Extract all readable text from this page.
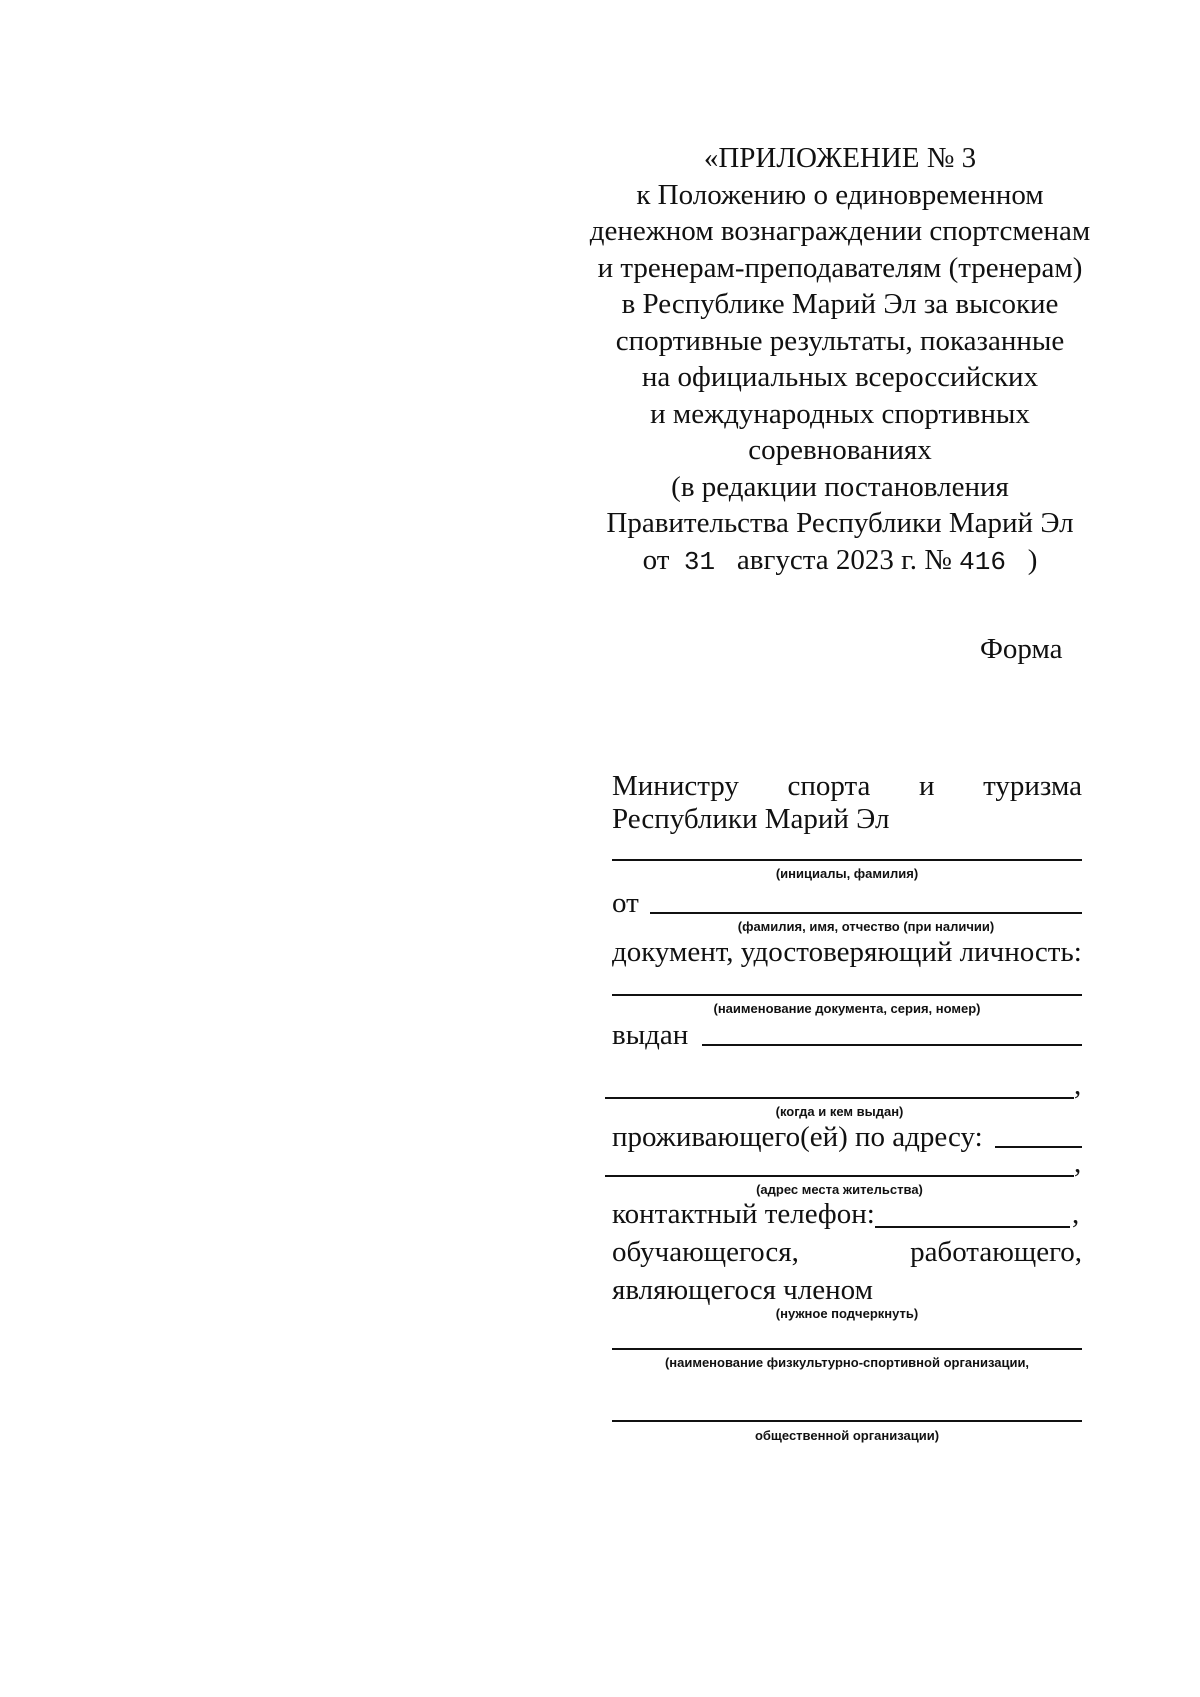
«ПРИЛОЖЕНИЕ № 3
к Положению о единовременном
денежном вознаграждении спортсменам
и тренерам-преподавателям (тренерам)
в Республике Марий Эл за высокие
спортивные результаты, показанные
на официальных всероссийских
и международных спортивных
соревнованиях
(в редакции постановления
Правительства Республики Марий Эл
от 31 августа 2023 г. № 416 )
Форма
Министру спорта и туризма
Республики Марий Эл
(инициалы, фамилия)
от
(фамилия, имя, отчество (при наличии)
документ, удостоверяющий личность:
(наименование документа, серия, номер)
выдан
,
(когда и кем выдан)
проживающего(ей) по адресу:
,
(адрес места жительства)
контактный телефон:	,
обучающегося,	работающего,
являющегося членом
(нужное подчеркнуть)
(наименование физкультурно-спортивной организации,
общественной организации)
